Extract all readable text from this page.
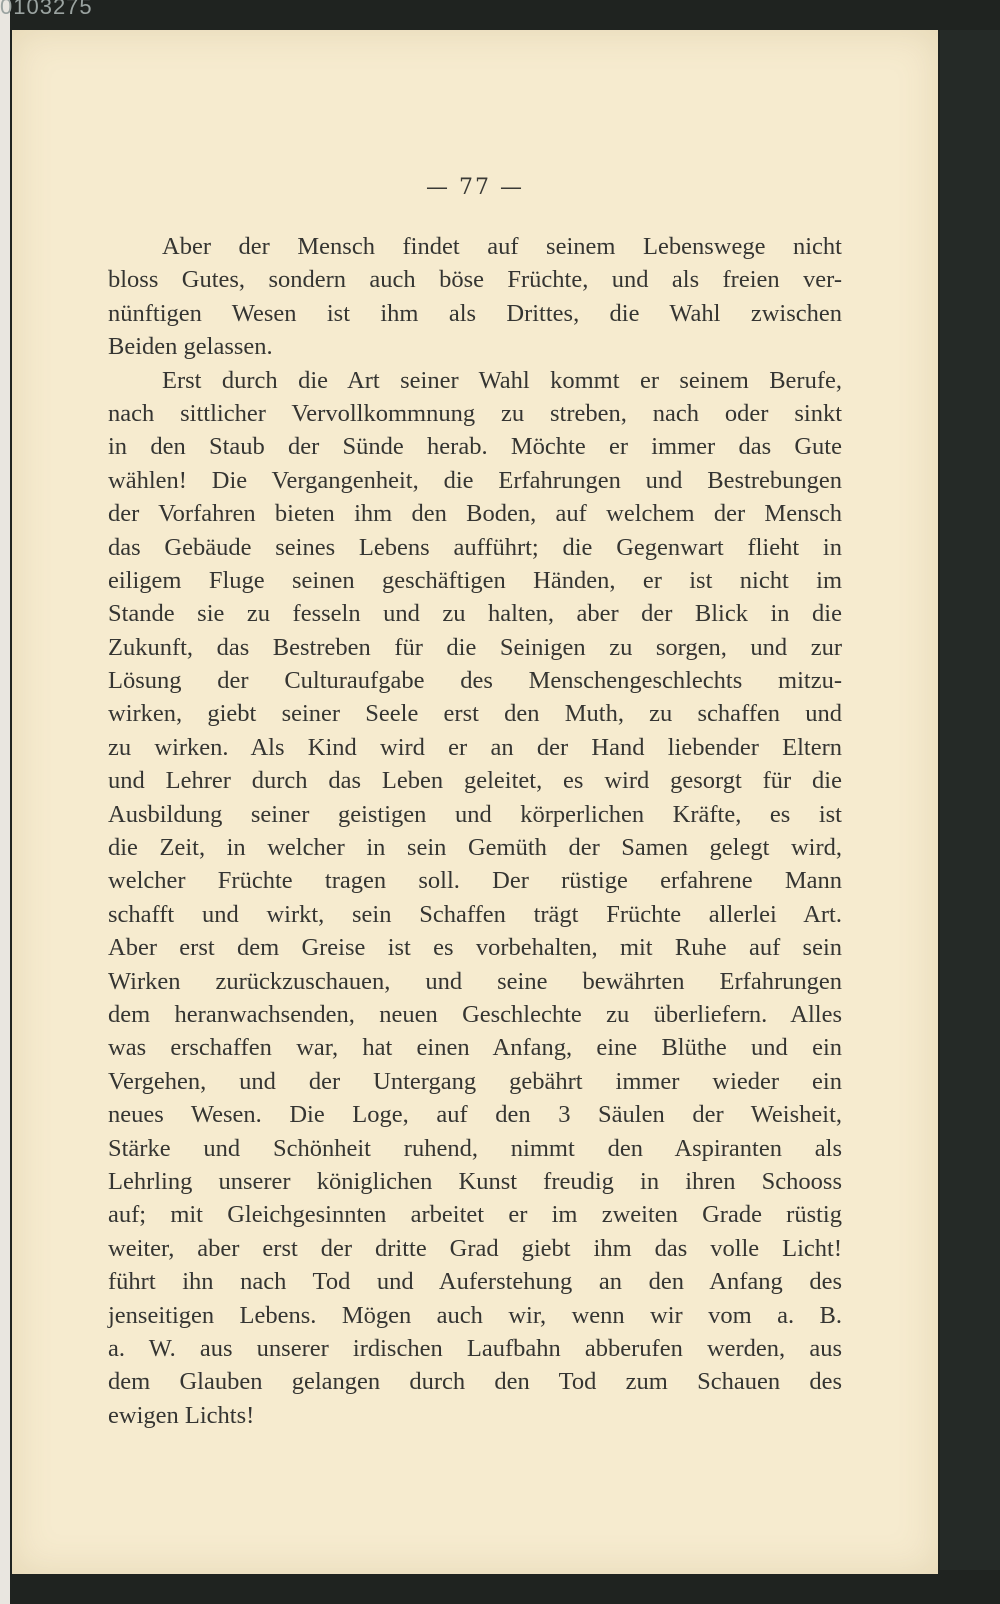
0103275
— 77 —
Aber der Mensch findet auf seinem Lebenswege nicht
bloss Gutes, sondern auch böse Früchte, und als freien ver-
nünftigen Wesen ist ihm als Drittes, die Wahl zwischen
Beiden gelassen.
Erst durch die Art seiner Wahl kommt er seinem Berufe,
nach sittlicher Vervollkommnung zu streben, nach oder sinkt
in den Staub der Sünde herab. Möchte er immer das Gute
wählen! Die Vergangenheit, die Erfahrungen und Bestrebungen
der Vorfahren bieten ihm den Boden, auf welchem der Mensch
das Gebäude seines Lebens aufführt; die Gegenwart flieht in
eiligem Fluge seinen geschäftigen Händen, er ist nicht im
Stande sie zu fesseln und zu halten, aber der Blick in die
Zukunft, das Bestreben für die Seinigen zu sorgen, und zur
Lösung der Culturaufgabe des Menschengeschlechts mitzu-
wirken, giebt seiner Seele erst den Muth, zu schaffen und
zu wirken. Als Kind wird er an der Hand liebender Eltern
und Lehrer durch das Leben geleitet, es wird gesorgt für die
Ausbildung seiner geistigen und körperlichen Kräfte, es ist
die Zeit, in welcher in sein Gemüth der Samen gelegt wird,
welcher Früchte tragen soll. Der rüstige erfahrene Mann
schafft und wirkt, sein Schaffen trägt Früchte allerlei Art.
Aber erst dem Greise ist es vorbehalten, mit Ruhe auf sein
Wirken zurückzuschauen, und seine bewährten Erfahrungen
dem heranwachsenden, neuen Geschlechte zu überliefern. Alles
was erschaffen war, hat einen Anfang, eine Blüthe und ein
Vergehen, und der Untergang gebährt immer wieder ein
neues Wesen. Die Loge, auf den 3 Säulen der Weisheit,
Stärke und Schönheit ruhend, nimmt den Aspiranten als
Lehrling unserer königlichen Kunst freudig in ihren Schooss
auf; mit Gleichgesinnten arbeitet er im zweiten Grade rüstig
weiter, aber erst der dritte Grad giebt ihm das volle Licht!
führt ihn nach Tod und Auferstehung an den Anfang des
jenseitigen Lebens. Mögen auch wir, wenn wir vom a. B.
a. W. aus unserer irdischen Laufbahn abberufen werden, aus
dem Glauben gelangen durch den Tod zum Schauen des
ewigen Lichts!
